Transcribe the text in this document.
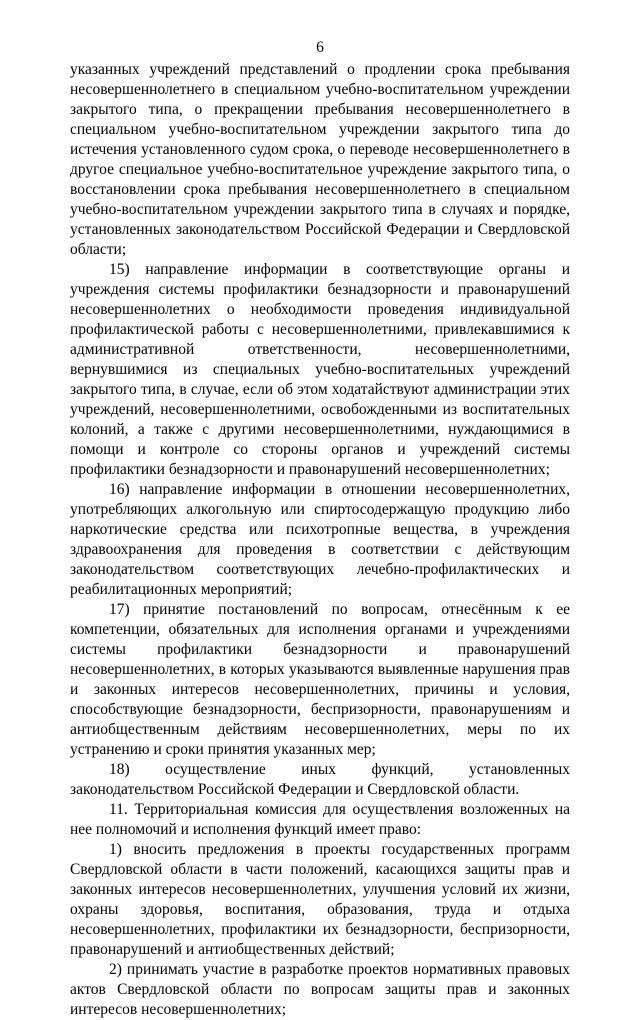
6

указанных учреждений представлений о продлении срока пребывания несовершеннолетнего в специальном учебно-воспитательном учреждении закрытого типа, о прекращении пребывания несовершеннолетнего в специальном учебно-воспитательном учреждении закрытого типа до истечения установленного судом срока, о переводе несовершеннолетнего в другое специальное учебно-воспитательное учреждение закрытого типа, о восстановлении срока пребывания несовершеннолетнего в специальном учебно-воспитательном учреждении закрытого типа в случаях и порядке, установленных законодательством Российской Федерации и Свердловской области;

15) направление информации в соответствующие органы и учреждения системы профилактики безнадзорности и правонарушений несовершеннолетних о необходимости проведения индивидуальной профилактической работы с несовершеннолетними, привлекавшимися к административной ответственности, несовершеннолетними, вернувшимися из специальных учебно-воспитательных учреждений закрытого типа, в случае, если об этом ходатайствуют администрации этих учреждений, несовершеннолетними, освобожденными из воспитательных колоний, а также с другими несовершеннолетними, нуждающимися в помощи и контроле со стороны органов и учреждений системы профилактики безнадзорности и правонарушений несовершеннолетних;

16) направление информации в отношении несовершеннолетних, употребляющих алкогольную или спиртосодержащую продукцию либо наркотические средства или психотропные вещества, в учреждения здравоохранения для проведения в соответствии с действующим законодательством соответствующих лечебно-профилактических и реабилитационных мероприятий;

17) принятие постановлений по вопросам, отнесённым к ее компетенции, обязательных для исполнения органами и учреждениями системы профилактики безнадзорности и правонарушений несовершеннолетних, в которых указываются выявленные нарушения прав и законных интересов несовершеннолетних, причины и условия, способствующие безнадзорности, беспризорности, правонарушениям и антиобщественным действиям несовершеннолетних, меры по их устранению и сроки принятия указанных мер;

18) осуществление иных функций, установленных законодательством Российской Федерации и Свердловской области.

11. Территориальная комиссия для осуществления возложенных на нее полномочий и исполнения функций имеет право:

1) вносить предложения в проекты государственных программ Свердловской области в части положений, касающихся защиты прав и законных интересов несовершеннолетних, улучшения условий их жизни, охраны здоровья, воспитания, образования, труда и отдыха несовершеннолетних, профилактики их безнадзорности, беспризорности, правонарушений и антиобщественных действий;

2) принимать участие в разработке проектов нормативных правовых актов Свердловской области по вопросам защиты прав и законных интересов несовершеннолетних;
